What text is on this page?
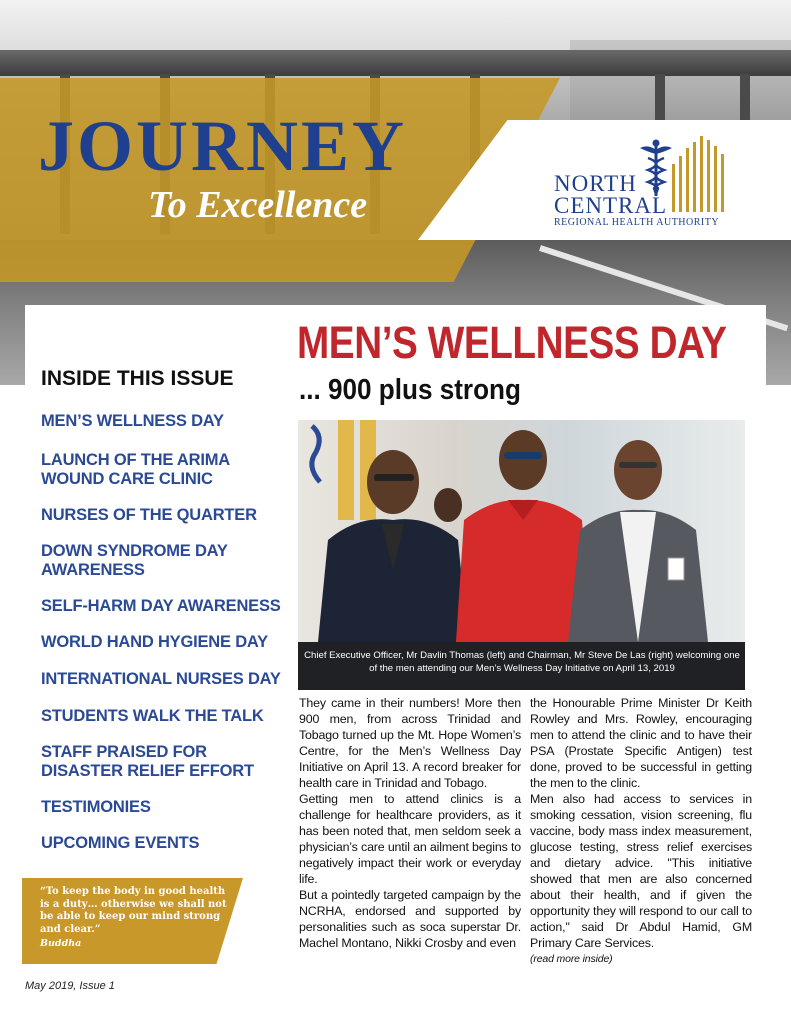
JOURNEY
To Excellence
NORTH
CENTRAL
REGIONAL HEALTH AUTHORITY
INSIDE THIS ISSUE
MEN’S WELLNESS DAY
LAUNCH OF THE ARIMA WOUND CARE CLINIC
NURSES OF THE QUARTER
DOWN SYNDROME DAY AWARENESS
SELF-HARM DAY AWARENESS
WORLD HAND HYGIENE DAY
INTERNATIONAL NURSES DAY
STUDENTS WALK THE TALK
STAFF PRAISED FOR DISASTER RELIEF EFFORT
TESTIMONIES
UPCOMING EVENTS

“To keep the body in good health is a duty… otherwise we shall not be able to keep our mind strong and clear.”

Buddha

May 2019, Issue 1

MEN’S WELLNESS DAY
... 900 plus strong

Chief Executive Officer, Mr Davlin Thomas (left) and Chairman, Mr Steve De Las (right) welcoming one of the men attending our Men’s Wellness Day Initiative on April 13, 2019

They came in their numbers! More then 900 men, from across Trinidad and Tobago turned up the Mt. Hope Women’s Centre, for the Men’s Wellness Day Initiative on April 13. A record breaker for health care in Trinidad and Tobago.

Getting men to attend clinics is a challenge for healthcare providers, as it has been noted that, men seldom seek a physician’s care until an ailment begins to negatively impact their work or everyday life.

But a pointedly targeted campaign by the NCRHA, endorsed and supported by personalities such as soca superstar Dr. Machel Montano, Nikki Crosby and even

the Honourable Prime Minister Dr Keith Rowley and Mrs. Rowley, encouraging men to attend the clinic and to have their PSA (Prostate Specific Antigen) test done, proved to be successful in getting the men to the clinic.

Men also had access to services in smoking cessation, vision screening, flu vaccine, body mass index measurement, glucose testing, stress relief exercises and dietary advice. "This initiative showed that men are also concerned about their health, and if given the opportunity they will respond to our call to action," said Dr Abdul Hamid, GM Primary Care Services.

(read more inside)
